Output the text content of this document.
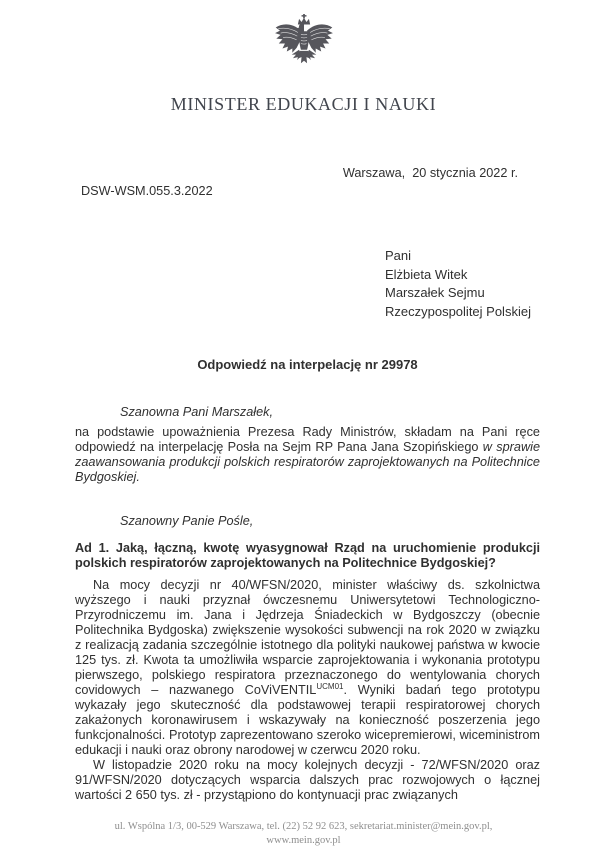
MINISTER EDUKACJI I NAUKI
Warszawa,  20 stycznia 2022 r.
DSW-WSM.055.3.2022
Pani
Elżbieta Witek
Marszałek Sejmu
Rzeczypospolitej Polskiej
Odpowiedź na interpelację nr 29978
Szanowna Pani Marszałek,

na podstawie upoważnienia Prezesa Rady Ministrów, składam na Pani ręce odpowiedź na interpelację Posła na Sejm RP Pana Jana Szopińskiego w sprawie zaawansowania produkcji polskich respiratorów zaprojektowanych na Politechnice Bydgoskiej.

Szanowny Panie Pośle,

Ad 1. Jaką, łączną, kwotę wyasygnował Rząd na uruchomienie produkcji polskich respiratorów zaprojektowanych na Politechnice Bydgoskiej?

Na mocy decyzji nr 40/WFSN/2020, minister właściwy ds. szkolnictwa wyższego i nauki przyznał ówczesnemu Uniwersytetowi Technologiczno-Przyrodniczemu im. Jana i Jędrzeja Śniadeckich w Bydgoszczy (obecnie Politechnika Bydgoska) zwiększenie wysokości subwencji na rok 2020 w związku z realizacją zadania szczególnie istotnego dla polityki naukowej państwa w kwocie 125 tys. zł. Kwota ta umożliwiła wsparcie zaprojektowania i wykonania prototypu pierwszego, polskiego respiratora przeznaczonego do wentylowania chorych covidowych – nazwanego CoViVENTIL$^{UCM01}$. Wyniki badań tego prototypu wykazały jego skuteczność dla podstawowej terapii respiratorowej chorych zakażonych koronawirusem i wskazywały na konieczność poszerzenia jego funkcjonalności. Prototyp zaprezentowano szeroko wicepremierowi, wiceministrom edukacji i nauki oraz obrony narodowej w czerwcu 2020 roku.

W listopadzie 2020 roku na mocy kolejnych decyzji - 72/WFSN/2020 oraz 91/WFSN/2020 dotyczących wsparcia dalszych prac rozwojowych o łącznej wartości 2 650 tys. zł - przystąpiono do kontynuacji prac związanych

ul. Wspólna 1/3, 00-529 Warszawa, tel. (22) 52 92 623, sekretariat.minister@mein.gov.pl,
www.mein.gov.pl
